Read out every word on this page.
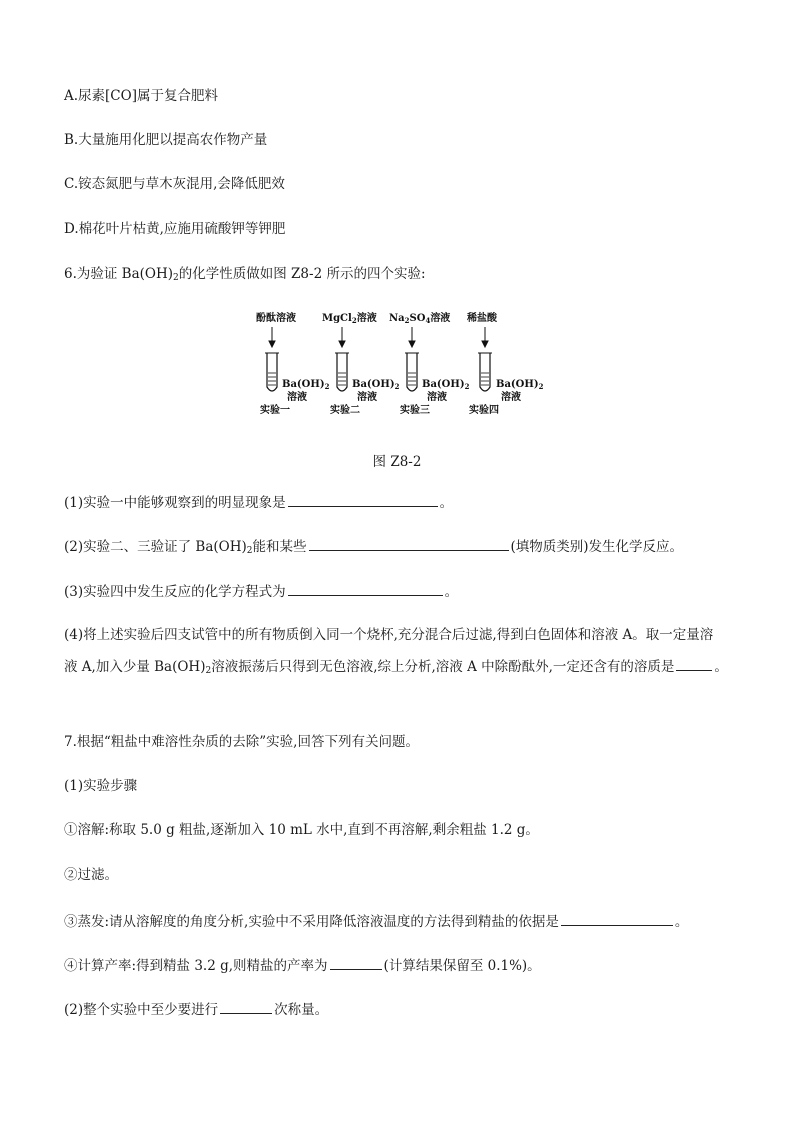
A.尿素[CO]属于复合肥料
B.大量施用化肥以提高农作物产量
C.铵态氮肥与草木灰混用,会降低肥效
D.棉花叶片枯黄,应施用硫酸钾等钾肥
6.为验证 $Ba(OH)_2$的化学性质做如图 Z8-2 所示的四个实验:
酚酞溶液	MgCl$_2$溶液 $Na_2SO_4$溶液 稀盐酸
$Ba(OH)_2$
溶液
$Ba(OH)_2$
溶液
$Ba(OH)_2$
溶液
$Ba(OH)_2$
溶液
实验一	实验二	实验三	实验四
图 Z8-2
(1)实验一中能够观察到的明显现象是	。
(2)实验二、三验证了 $Ba(OH)_2$能和某些	(填物质类别)发生化学反应。
(3)实验四中发生反应的化学方程式为	。
(4)将上述实验后四支试管中的所有物质倒入同一个烧杯,充分混合后过滤,得到白色固体和溶液 A。取一定量溶
液 A,加入少量 $Ba(OH)_2$溶液振荡后只得到无色溶液,综上分析,溶液 A 中除酚酞外,一定还含有的溶质是	。
7.根据“粗盐中难溶性杂质的去除”实验,回答下列有关问题。
(1)实验步骤
①溶解:称取 5.0 g 粗盐,逐渐加入 10 mL 水中,直到不再溶解,剩余粗盐 1.2 g。
②过滤。
③蒸发:请从溶解度的角度分析,实验中不采用降低溶液温度的方法得到精盐的依据是	。
④计算产率:得到精盐 3.2 g,则精盐的产率为	(计算结果保留至 0.1%)。
(2)整个实验中至少要进行	次称量。
